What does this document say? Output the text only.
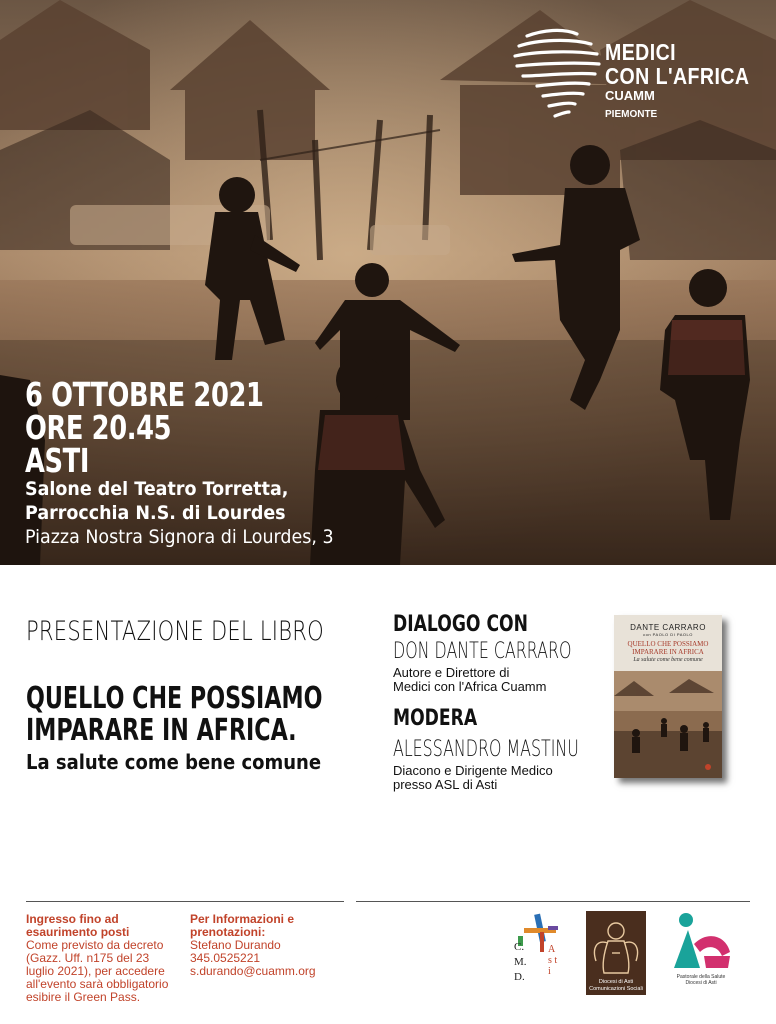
MEDICI
CON L'AFRICA
CUAMM
PIEMONTE
6 OTTOBRE 2021
ORE 20.45
ASTI
Salone del Teatro Torretta,
Parrocchia N.S. di Lourdes
Piazza Nostra Signora di Lourdes, 3
PRESENTAZIONE DEL LIBRO
QUELLO CHE POSSIAMO
IMPARARE IN AFRICA.
La salute come bene comune
DIALOGO CON
DON DANTE CARRARO
Autore e Direttore di
Medici con l'Africa Cuamm
MODERA
ALESSANDRO MASTINU
Diacono e Dirigente Medico
presso ASL di Asti
DANTE CARRARO
con PAOLO DI PAOLO
QUELLO CHE POSSIAMO
IMPARARE IN AFRICA
La salute come bene comune
Ingresso fino ad
esaurimento posti
Come previsto da decreto
(Gazz. Uff. n175 del 23
luglio 2021), per accedere
all'evento sarà obbligatorio
esibire il Green Pass.
Per Informazioni e
prenotazioni:
Stefano Durando
345.0525221
s.durando@cuamm.org
C.
M.
D.
A s t i
Diocesi di Asti
Comunicazioni Sociali
Pastorale della Salute
Diocesi di Asti
